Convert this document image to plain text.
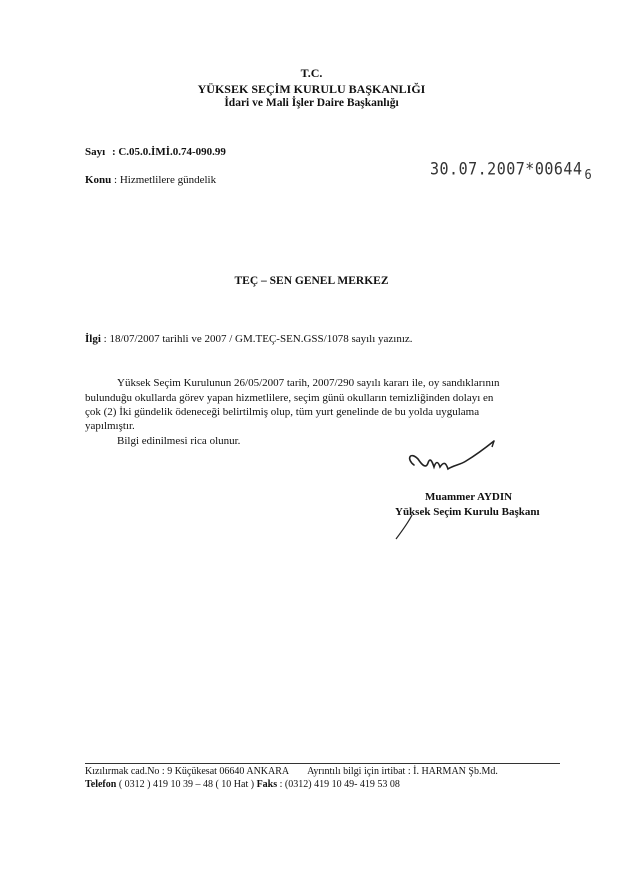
T.C.
YÜKSEK SEÇİM KURULU BAŞKANLIĞI
İdari ve Mali İşler Daire Başkanlığı
Sayı : C.05.0.İMİ.0.74-090.99
30.07.2007*00644 $_6$
Konu : Hizmetlilere gündelik
TEÇ – SEN GENEL MERKEZ
İlgi : 18/07/2007 tarihli ve 2007 / GM.TEÇ-SEN.GSS/1078 sayılı yazınız.
Yüksek Seçim Kurulunun 26/05/2007 tarih, 2007/290 sayılı kararı ile, oy sandıklarının
bulunduğu okullarda görev yapan hizmetlilere, seçim günü okulların temizliğinden dolayı en
çok (2) İki gündelik ödeneceği belirtilmiş olup, tüm yurt genelinde de bu yolda uygulama
yapılmıştır.
Bilgi edinilmesi rica olunur.
Muammer AYDIN
Yüksek Seçim Kurulu Başkanı
Kızılırmak cad.No : 9 Küçükesat 06640 ANKARA Ayrıntılı bilgi için irtibat : İ. HARMAN Şb.Md.
Telefon ( 0312 ) 419 10 39 – 48 ( 10 Hat ) Faks : (0312) 419 10 49- 419 53 08
